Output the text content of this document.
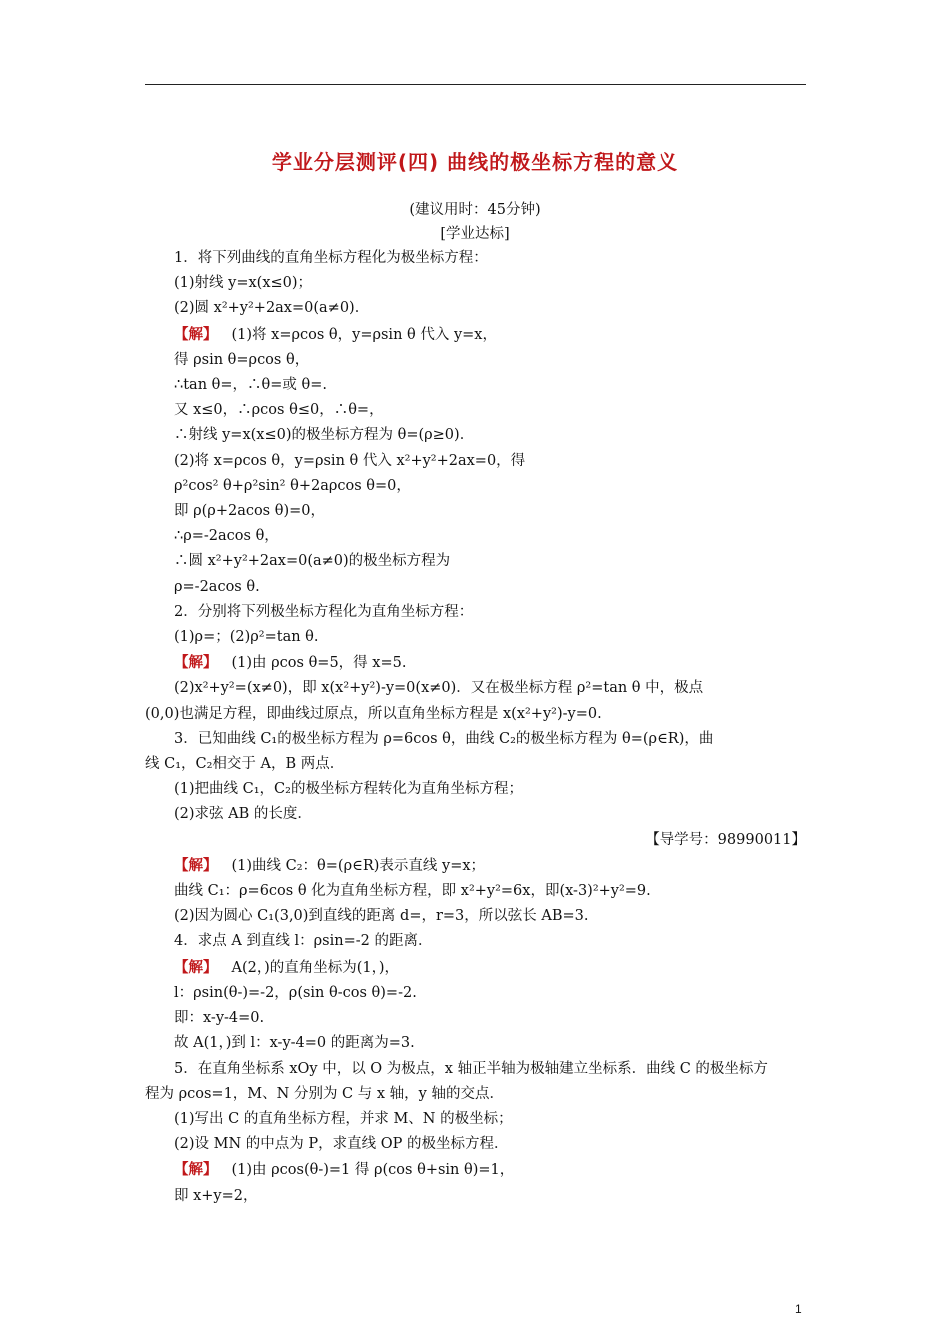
学业分层测评(四) 曲线的极坐标方程的意义
(建议用时：45分钟)
[学业达标]
1．将下列曲线的直角坐标方程化为极坐标方程：
(1)射线 y=x(x≤0)；
(2)圆 x²+y²+2ax=0(a≠0)．
【解】 (1)将 x=ρcos θ，y=ρsin θ 代入 y=x，
得 ρsin θ=ρcos θ，
∴tan θ=，∴θ=或 θ=.
又 x≤0，∴ρcos θ≤0，∴θ=，
∴射线 y=x(x≤0)的极坐标方程为 θ=(ρ≥0)．
(2)将 x=ρcos θ，y=ρsin θ 代入 x²+y²+2ax=0，得
ρ²cos² θ+ρ²sin² θ+2aρcos θ=0，
即 ρ(ρ+2acos θ)=0，
∴ρ=-2acos θ，
∴圆 x²+y²+2ax=0(a≠0)的极坐标方程为
ρ=-2acos θ.
2．分别将下列极坐标方程化为直角坐标方程：
(1)ρ=；(2)ρ²=tan θ.
【解】 (1)由 ρcos θ=5，得 x=5.
(2)x²+y²=(x≠0)，即 x(x²+y²)-y=0(x≠0)．又在极坐标方程 ρ²=tan θ 中，极点
(0,0)也满足方程，即曲线过原点，所以直角坐标方程是 x(x²+y²)-y=0.
3．已知曲线 C₁的极坐标方程为 ρ=6cos θ，曲线 C₂的极坐标方程为 θ=(ρ∈R)，曲
线 C₁，C₂相交于 A，B 两点．
(1)把曲线 C₁，C₂的极坐标方程转化为直角坐标方程；
(2)求弦 AB 的长度．
【导学号：98990011】
【解】 (1)曲线 C₂：θ=(ρ∈R)表示直线 y=x；
曲线 C₁：ρ=6cos θ 化为直角坐标方程，即 x²+y²=6x，即(x-3)²+y²=9.
(2)因为圆心 C₁(3,0)到直线的距离 d=，r=3，所以弦长 AB=3.
4．求点 A 到直线 l：ρsin=-2 的距离．
【解】 A(2，)的直角坐标为(1，)，
l：ρsin(θ-)=-2，ρ(sin θ-cos θ)=-2.
即：x-y-4=0.
故 A(1，)到 l：x-y-4=0 的距离为=3.
5．在直角坐标系 xOy 中，以 O 为极点，x 轴正半轴为极轴建立坐标系．曲线 C 的极坐标方
程为 ρcos=1，M、N 分别为 C 与 x 轴，y 轴的交点．
(1)写出 C 的直角坐标方程，并求 M、N 的极坐标；
(2)设 MN 的中点为 P，求直线 OP 的极坐标方程．
【解】 (1)由 ρcos(θ-)=1 得 ρ(cos θ+sin θ)=1，
即 x+y=2，
1
